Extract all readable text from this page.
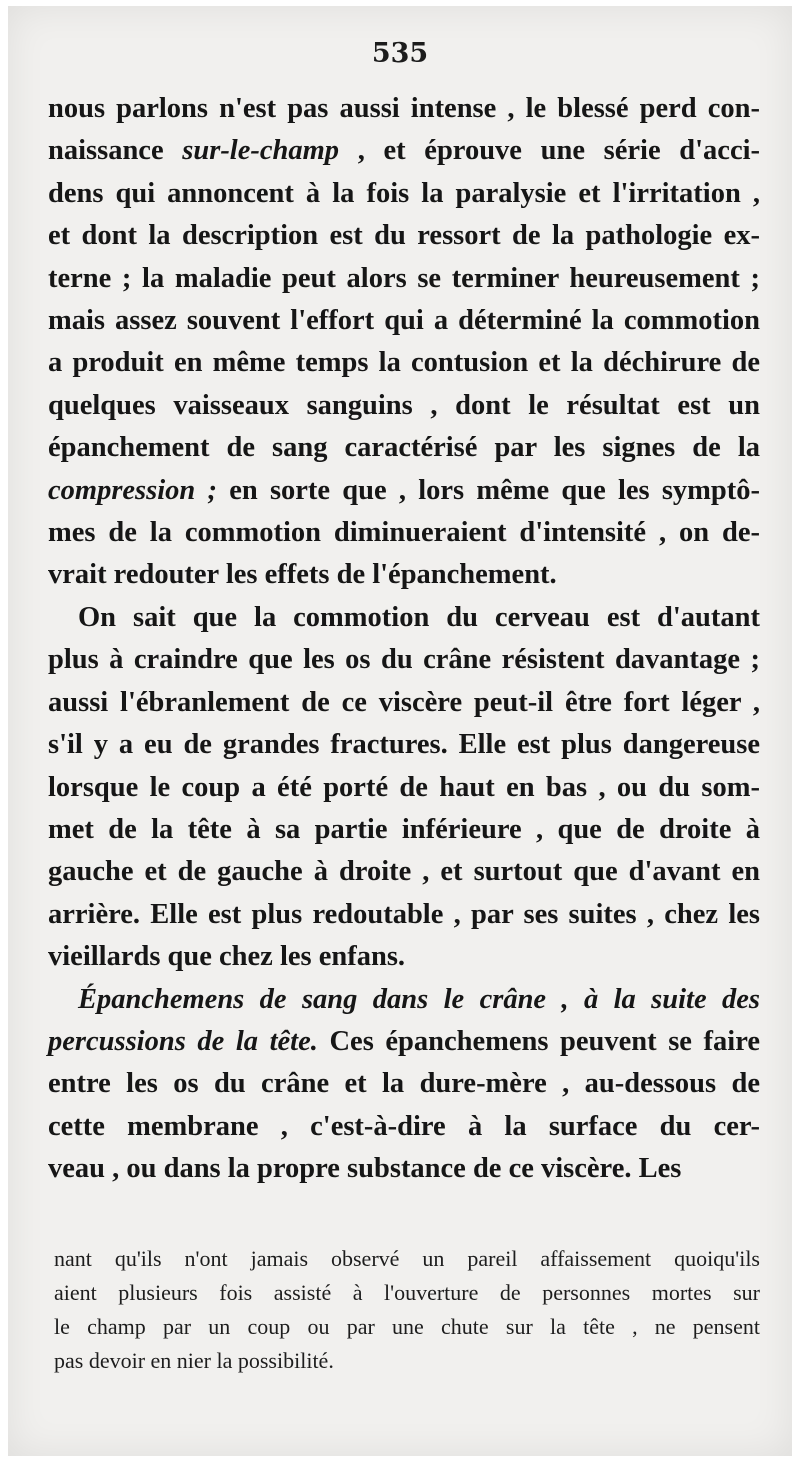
535

nous parlons n'est pas aussi intense , le blessé perd con-

naissance sur-le-champ , et éprouve une série d'acci-

dens qui annoncent à la fois la paralysie et l'irritation ,

et dont la description est du ressort de la pathologie ex-

terne ; la maladie peut alors se terminer heureusement ;

mais assez souvent l'effort qui a déterminé la commotion

a produit en même temps la contusion et la déchirure de

quelques vaisseaux sanguins , dont le résultat est un

épanchement de sang caractérisé par les signes de la

compression ; en sorte que , lors même que les symptô-

mes de la commotion diminueraient d'intensité , on de-

vrait redouter les effets de l'épanchement.

On sait que la commotion du cerveau est d'autant

plus à craindre que les os du crâne résistent davantage ;

aussi l'ébranlement de ce viscère peut-il être fort léger ,

s'il y a eu de grandes fractures. Elle est plus dangereuse

lorsque le coup a été porté de haut en bas , ou du som-

met de la tête à sa partie inférieure , que de droite à

gauche et de gauche à droite , et surtout que d'avant en

arrière. Elle est plus redoutable , par ses suites , chez les

vieillards que chez les enfans.

Épanchemens de sang dans le crâne , à la suite des

percussions de la tête. Ces épanchemens peuvent se faire

entre les os du crâne et la dure-mère , au-dessous de

cette membrane , c'est-à-dire à la surface du cer-

veau , ou dans la propre substance de ce viscère. Les

nant qu'ils n'ont jamais observé un pareil affaissement quoiqu'ils

aient plusieurs fois assisté à l'ouverture de personnes mortes sur

le champ par un coup ou par une chute sur la tête , ne pensent

pas devoir en nier la possibilité.
